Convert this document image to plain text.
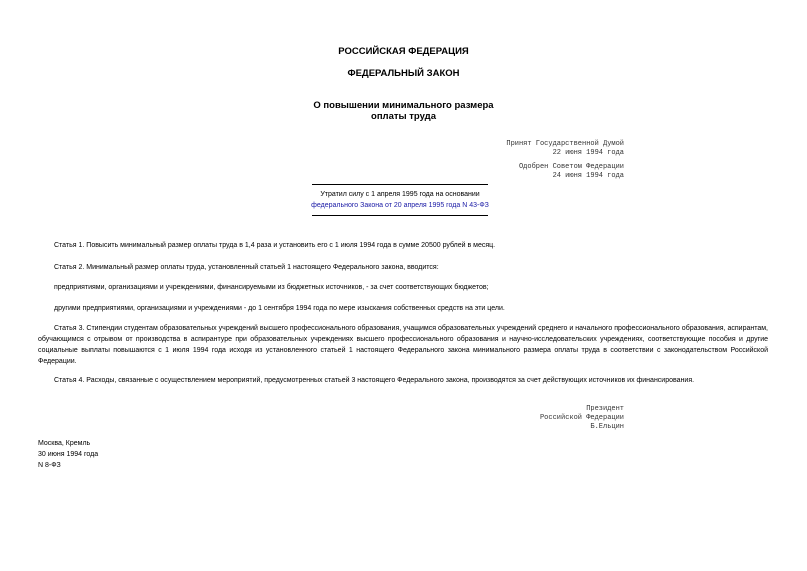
РОССИЙСКАЯ ФЕДЕРАЦИЯ
ФЕДЕРАЛЬНЫЙ ЗАКОН
О повышении минимального размера
оплаты труда
Принят Государственной Думой
22 июня 1994 года
Одобрен Советом Федерации
24 июня 1994 года
Утратил силу с 1 апреля 1995 года на основании
федерального Закона от 20 апреля 1995 года N 43-ФЗ
Статья 1. Повысить минимальный размер оплаты труда в 1,4 раза и установить его с 1 июля 1994 года в сумме 20500 рублей в месяц.
Статья 2. Минимальный размер оплаты труда, установленный статьей 1 настоящего Федерального закона, вводится:
предприятиями, организациями и учреждениями, финансируемыми из бюджетных источников, - за счет соответствующих бюджетов;
другими предприятиями, организациями и учреждениями - до 1 сентября 1994 года по мере изыскания собственных средств на эти цели.
Статья 3. Стипендии студентам образовательных учреждений высшего профессионального образования, учащимся образовательных учреждений среднего и начального профессионального образования, аспирантам, обучающимся с отрывом от производства в аспирантуре при образовательных учреждениях высшего профессионального образования и научно-исследовательских учреждениях, соответствующие пособия и другие социальные выплаты повышаются с 1 июля 1994 года исходя из установленного статьей 1 настоящего Федерального закона минимального размера оплаты труда в соответствии с законодательством Российской Федерации.
Статья 4. Расходы, связанные с осуществлением мероприятий, предусмотренных статьей 3 настоящего Федерального закона, производятся за счет действующих источников их финансирования.
Президент
Российской Федерации
Б.Ельцин
Москва, Кремль
30 июня 1994 года
N 8-ФЗ
